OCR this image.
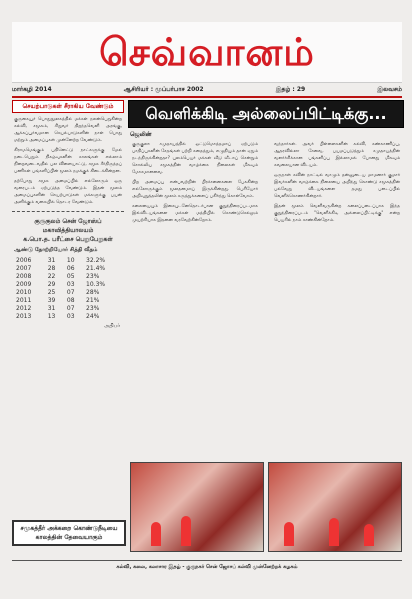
செவ்வானம்
மார்கழி 2014	ஆசிரியர் : மூப்பர்பாச 2002	இதழ் : 29	இலவசம்
செயற்பாடுகள் சீராகிய வேண்டும்

குருகையூர் பொதுநூலகத்தில் மக்கள் நலன்பெறுகின்ற கல்வி, சமூகம், சிறுவர் திறந்தவெளி அரங்கு, ஆக்கப்பூர்வமான செயல்பாடுகளின் நாள் பொது மற்றும் அமைப்புகள் முன்னேற்ற வேண்டும்.

கிராமமெங்கும் பதினெட்டு நாட்களுக்கு மேல் நடைபெறும் நிகழ்வுகளின் காலங்கள் எல்லாம் நிறைவடைவதில் பல விளையாட்டு, சமூக சீர்திருத்தப் பணிகள் பங்களிப்பின் மூலம் நமக்குக் கிடைக்கின்றன.

தற்போது சமூக அமைப்பில் எல்லோரும் ஒரு வரைபடம் ஏற்படுத்த வேண்டும். இதன் மூலம் அமைப்புகளின் செயற்பாடுகள் மக்களுக்கு பயன் அளிக்கும் வகையில் தொடர வேண்டும்.

குருகுலம் சென் ஜோஸ்ப்
மகாவித்தியாலயம்
க.பொ.த. பரீட்சை பெறுபேறுகள்
ஆண்டு தோற்றியோர் சித்தி வீதம்
2006	31	10	32.2%
2007	28	06	21.4%
2008	22	05	23%
2009	29	03	10.3%
2010	25	07	28%
2011	39	08	21%
2012	31	07	23%
2013	13	03	24%
அதிபர்
சமூகத்தீர் அக்கறை கொண்டுநீடியை காலத்தின் தேவையாகும்
வெளிக்கிடி அல்லைப்பிட்டிக்கு...
ஜெலின்

குருகுலா சமுதாயத்தில் ஒட்டுமொத்தமாய் ஏற்படும் பாதிப்புகளின் சேதங்கள் பற்றி கதைத்தும், எழுதியும் தான் ஏதும் நடந்திருக்கின்றதா? புலம்பெயர் மக்கள் வீடு வீடாய் சென்றும் சொல்லிய சமூகத்தின் வாழ்க்கை நிலைகள் மிகவும் மோசமானவை.

பிற அமைப்பு என்பவற்றின் பிரச்சனைகளை பேசுகின்ற எல்லோருக்கும் மூலதனமாய் இருக்கின்றது. பெரியோர் அறிவுறுத்தலின் மூலம் கருத்துக்களைப் பகிர்ந்து கொள்வோம்.

கலையையும் இசையுடனேதொடர்பான குறுந்திரைப்படமாக இவ்விடயங்களை மக்கள் மத்தியில் கொண்டுசெல்லும் முயற்சியாக இதனை வரவேற்கின்றோம்.

வந்தார்கள். அவர் பிள்ளைகளின் கல்வி, கண்காணிப்பு, ஆதரவில்லா சேவை, பயமப்படுத்தும் சமுதாயத்தின் வளர்ச்சிக்கான பங்களிப்பு இல்லாமல் போனது மிகவும் கவலையான விடயம்.

ஒருநாள் கவின் நாட்டில் வாழும் தன்னுடைய மாமனார் குமார் இவர்களின் வாழ்க்கை நிலையை அறிந்து கொண்டு சமூகத்தின் பல்வேறு விடயங்களை தமது படைப்பில் வெளிக்கொணர்கின்றார்.

இதன் மூலம் வெளிவருகின்ற கலைப்படைப்பாக இந்த குறுந்திரைப்படம் "வெளிக்கிடி அல்லைப்பிட்டிக்கு" என்ற பெயரில் நாம் காண்கின்றோம்.

கல்வி, கலை, கலாசார இதழ் - குருநகர் சென் ஜோசப் கல்வி முன்னேற்றக் கழகம்
